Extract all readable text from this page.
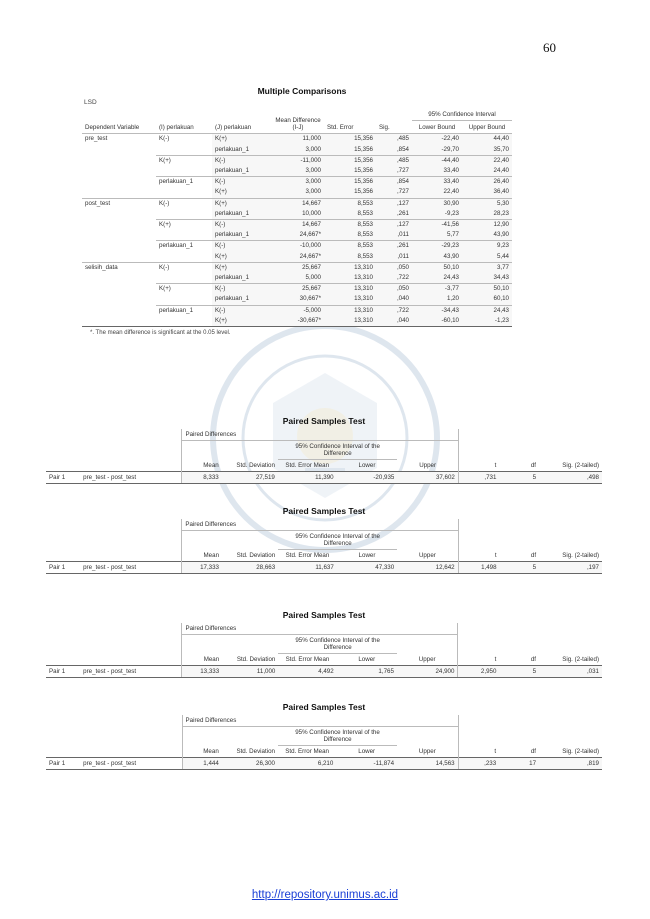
60
Multiple Comparisons
LSD
Dependent Variable	(I) perlakuan	(J) perlakuan	Mean Difference (I-J)	Std. Error	Sig.	95% Confidence Interval	
						Lower Bound	Upper Bound
pre_test	K(-)	K(+)	11,000	15,356	,485	-22,40	44,40
		perlakuan_1	3,000	15,356	,854	-29,70	35,70
	K(+)	K(-)	-11,000	15,356	,485	-44,40	22,40
		perlakuan_1	3,000	15,356	,727	33,40	24,40
	perlakuan_1	K(-)	3,000	15,356	,854	33,40	26,40
		K(+)	3,000	15,356	,727	22,40	36,40
post_test	K(-)	K(+)	14,667	8,553	,127	30,90	5,30
		perlakuan_1	10,000	8,553	,261	-9,23	28,23
	K(+)	K(-)	14,667	8,553	,127	-41,56	12,90
		perlakuan_1	24,667*	8,553	,011	5,77	43,90
	perlakuan_1	K(-)	-10,000	8,553	,261	-29,23	9,23
		K(+)	24,667*	8,553	,011	43,90	5,44
selisih_data	K(-)	K(+)	25,667	13,310	,050	50,10	3,77
		perlakuan_1	5,000	13,310	,722	24,43	34,43
	K(+)	K(-)	25,667	13,310	,050	-3,77	50,10
		perlakuan_1	30,667*	13,310	,040	1,20	60,10
	perlakuan_1	K(-)	-5,000	13,310	,722	-34,43	24,43
		K(+)	-30,667*	13,310	,040	-60,10	-1,23
*. The mean difference is significant at the 0.05 level.
Paired Samples Test
				Paired Differences							
						95% Confidence Interval of the Difference					
				Mean	Std. Deviation	Std. Error Mean	Lower	Upper	t	df	Sig. (2-tailed)
Pair 1	pre_test - post_test			8,333	27,519	11,390	-20,935	37,602	,731	5	,498
Paired Samples Test
				Paired Differences							
						95% Confidence Interval of the Difference					
				Mean	Std. Deviation	Std. Error Mean	Lower	Upper	t	df	Sig. (2-tailed)
Pair 1	pre_test - post_test			17,333	28,663	11,637	47,330	12,642	1,498	5	,197
Paired Samples Test
				Paired Differences							
						95% Confidence Interval of the Difference					
				Mean	Std. Deviation	Std. Error Mean	Lower	Upper	t	df	Sig. (2-tailed)
Pair 1	pre_test - post_test			13,333	11,000	4,492	1,765	24,900	2,950	5	,031
Paired Samples Test
				Paired Differences							
						95% Confidence Interval of the Difference					
				Mean	Std. Deviation	Std. Error Mean	Lower	Upper	t	df	Sig. (2-tailed)
Pair 1	pre_test - post_test			1,444	26,300	6,210	-11,874	14,563	,233	17	,819
http://repository.unimus.ac.id
